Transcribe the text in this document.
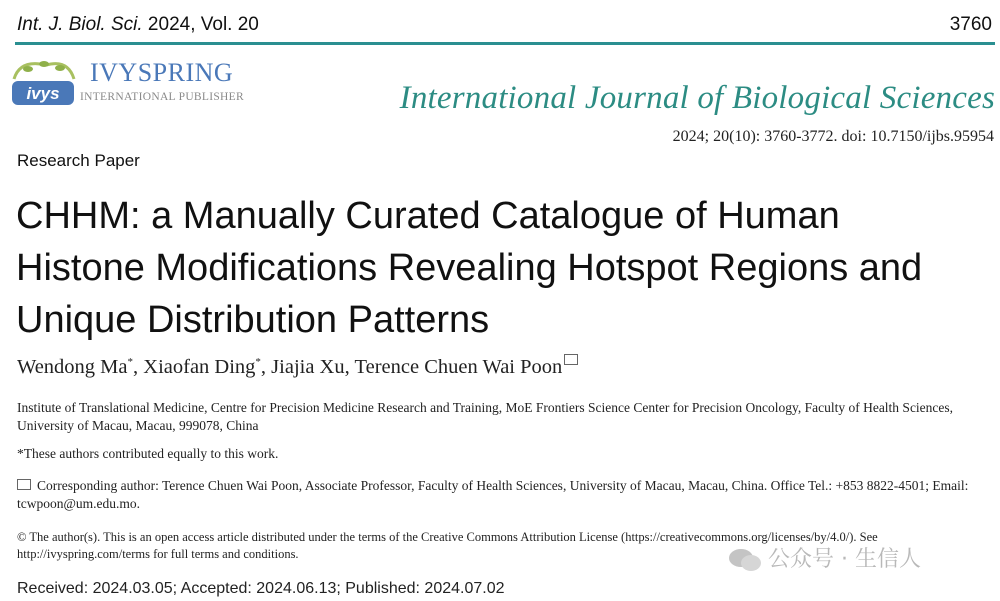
Int. J. Biol. Sci. 2024, Vol. 20	3760
ivys
IVYSPRING
INTERNATIONAL PUBLISHER	International Journal of Biological Sciences
2024; 20(10): 3760-3772. doi: 10.7150/ijbs.95954
Research Paper
CHHM: a Manually Curated Catalogue of Human Histone Modifications Revealing Hotspot Regions and Unique Distribution Patterns
Wendong Ma*, Xiaofan Ding*, Jiajia Xu, Terence Chuen Wai Poon
Institute of Translational Medicine, Centre for Precision Medicine Research and Training, MoE Frontiers Science Center for Precision Oncology, Faculty of Health Sciences, University of Macau, Macau, 999078, China
*These authors contributed equally to this work.
Corresponding author: Terence Chuen Wai Poon, Associate Professor, Faculty of Health Sciences, University of Macau, Macau, China. Office Tel.: +853 8822-4501; Email: tcwpoon@um.edu.mo.
© The author(s). This is an open access article distributed under the terms of the Creative Commons Attribution License (https://creativecommons.org/licenses/by/4.0/). See http://ivyspring.com/terms for full terms and conditions.
Received: 2024.03.05; Accepted: 2024.06.13; Published: 2024.07.02
公众号 · 生信人
